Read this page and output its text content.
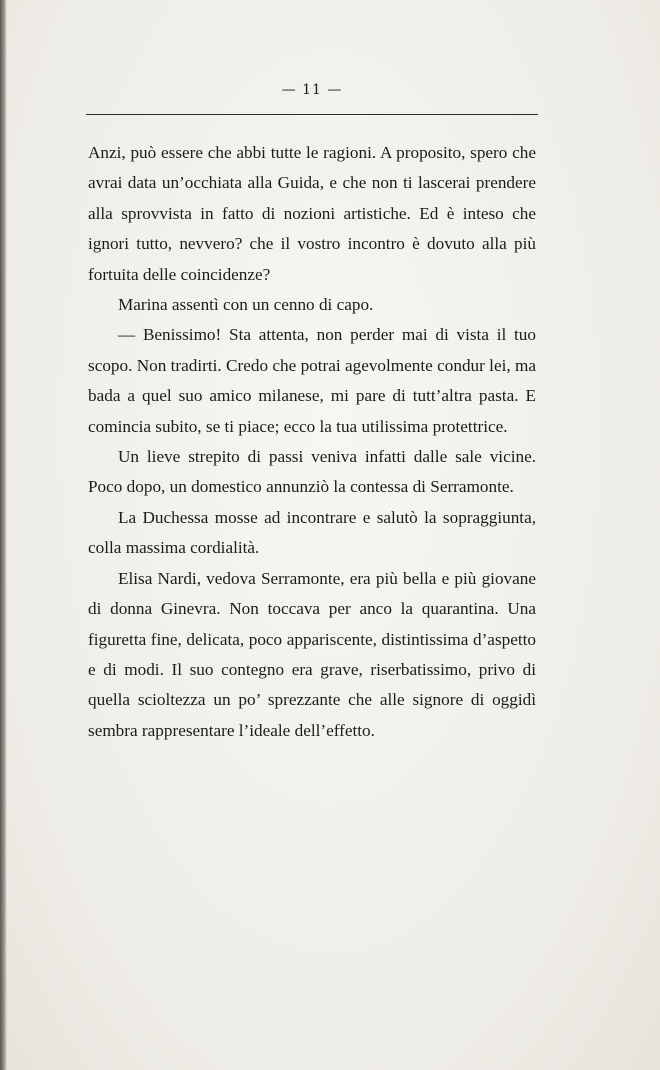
— 11 —

Anzi, può essere che abbi tutte le ragioni. A proposito, spero che avrai data un’occhiata alla Guida, e che non ti lascerai prendere alla sprovvista in fatto di nozioni artistiche. Ed è inteso che ignori tutto, nevvero? che il vostro incontro è dovuto alla più fortuita delle coincidenze?

Marina assentì con un cenno di capo.

— Benissimo! Sta attenta, non perder mai di vista il tuo scopo. Non tradirti. Credo che potrai agevolmente condur lei, ma bada a quel suo amico milanese, mi pare di tutt’altra pasta. E comincia subito, se ti piace; ecco la tua utilissima protettrice.

Un lieve strepito di passi veniva infatti dalle sale vicine. Poco dopo, un domestico annunziò la contessa di Serramonte.

La Duchessa mosse ad incontrare e salutò la sopraggiunta, colla massima cordialità.

Elisa Nardi, vedova Serramonte, era più bella e più giovane di donna Ginevra. Non toccava per anco la quarantina. Una figuretta fine, delicata, poco appariscente, distintissima d’aspetto e di modi. Il suo contegno era grave, riserbatissimo, privo di quella scioltezza un po’ sprezzante che alle signore di oggidì sembra rappresentare l’ideale dell’effetto.
